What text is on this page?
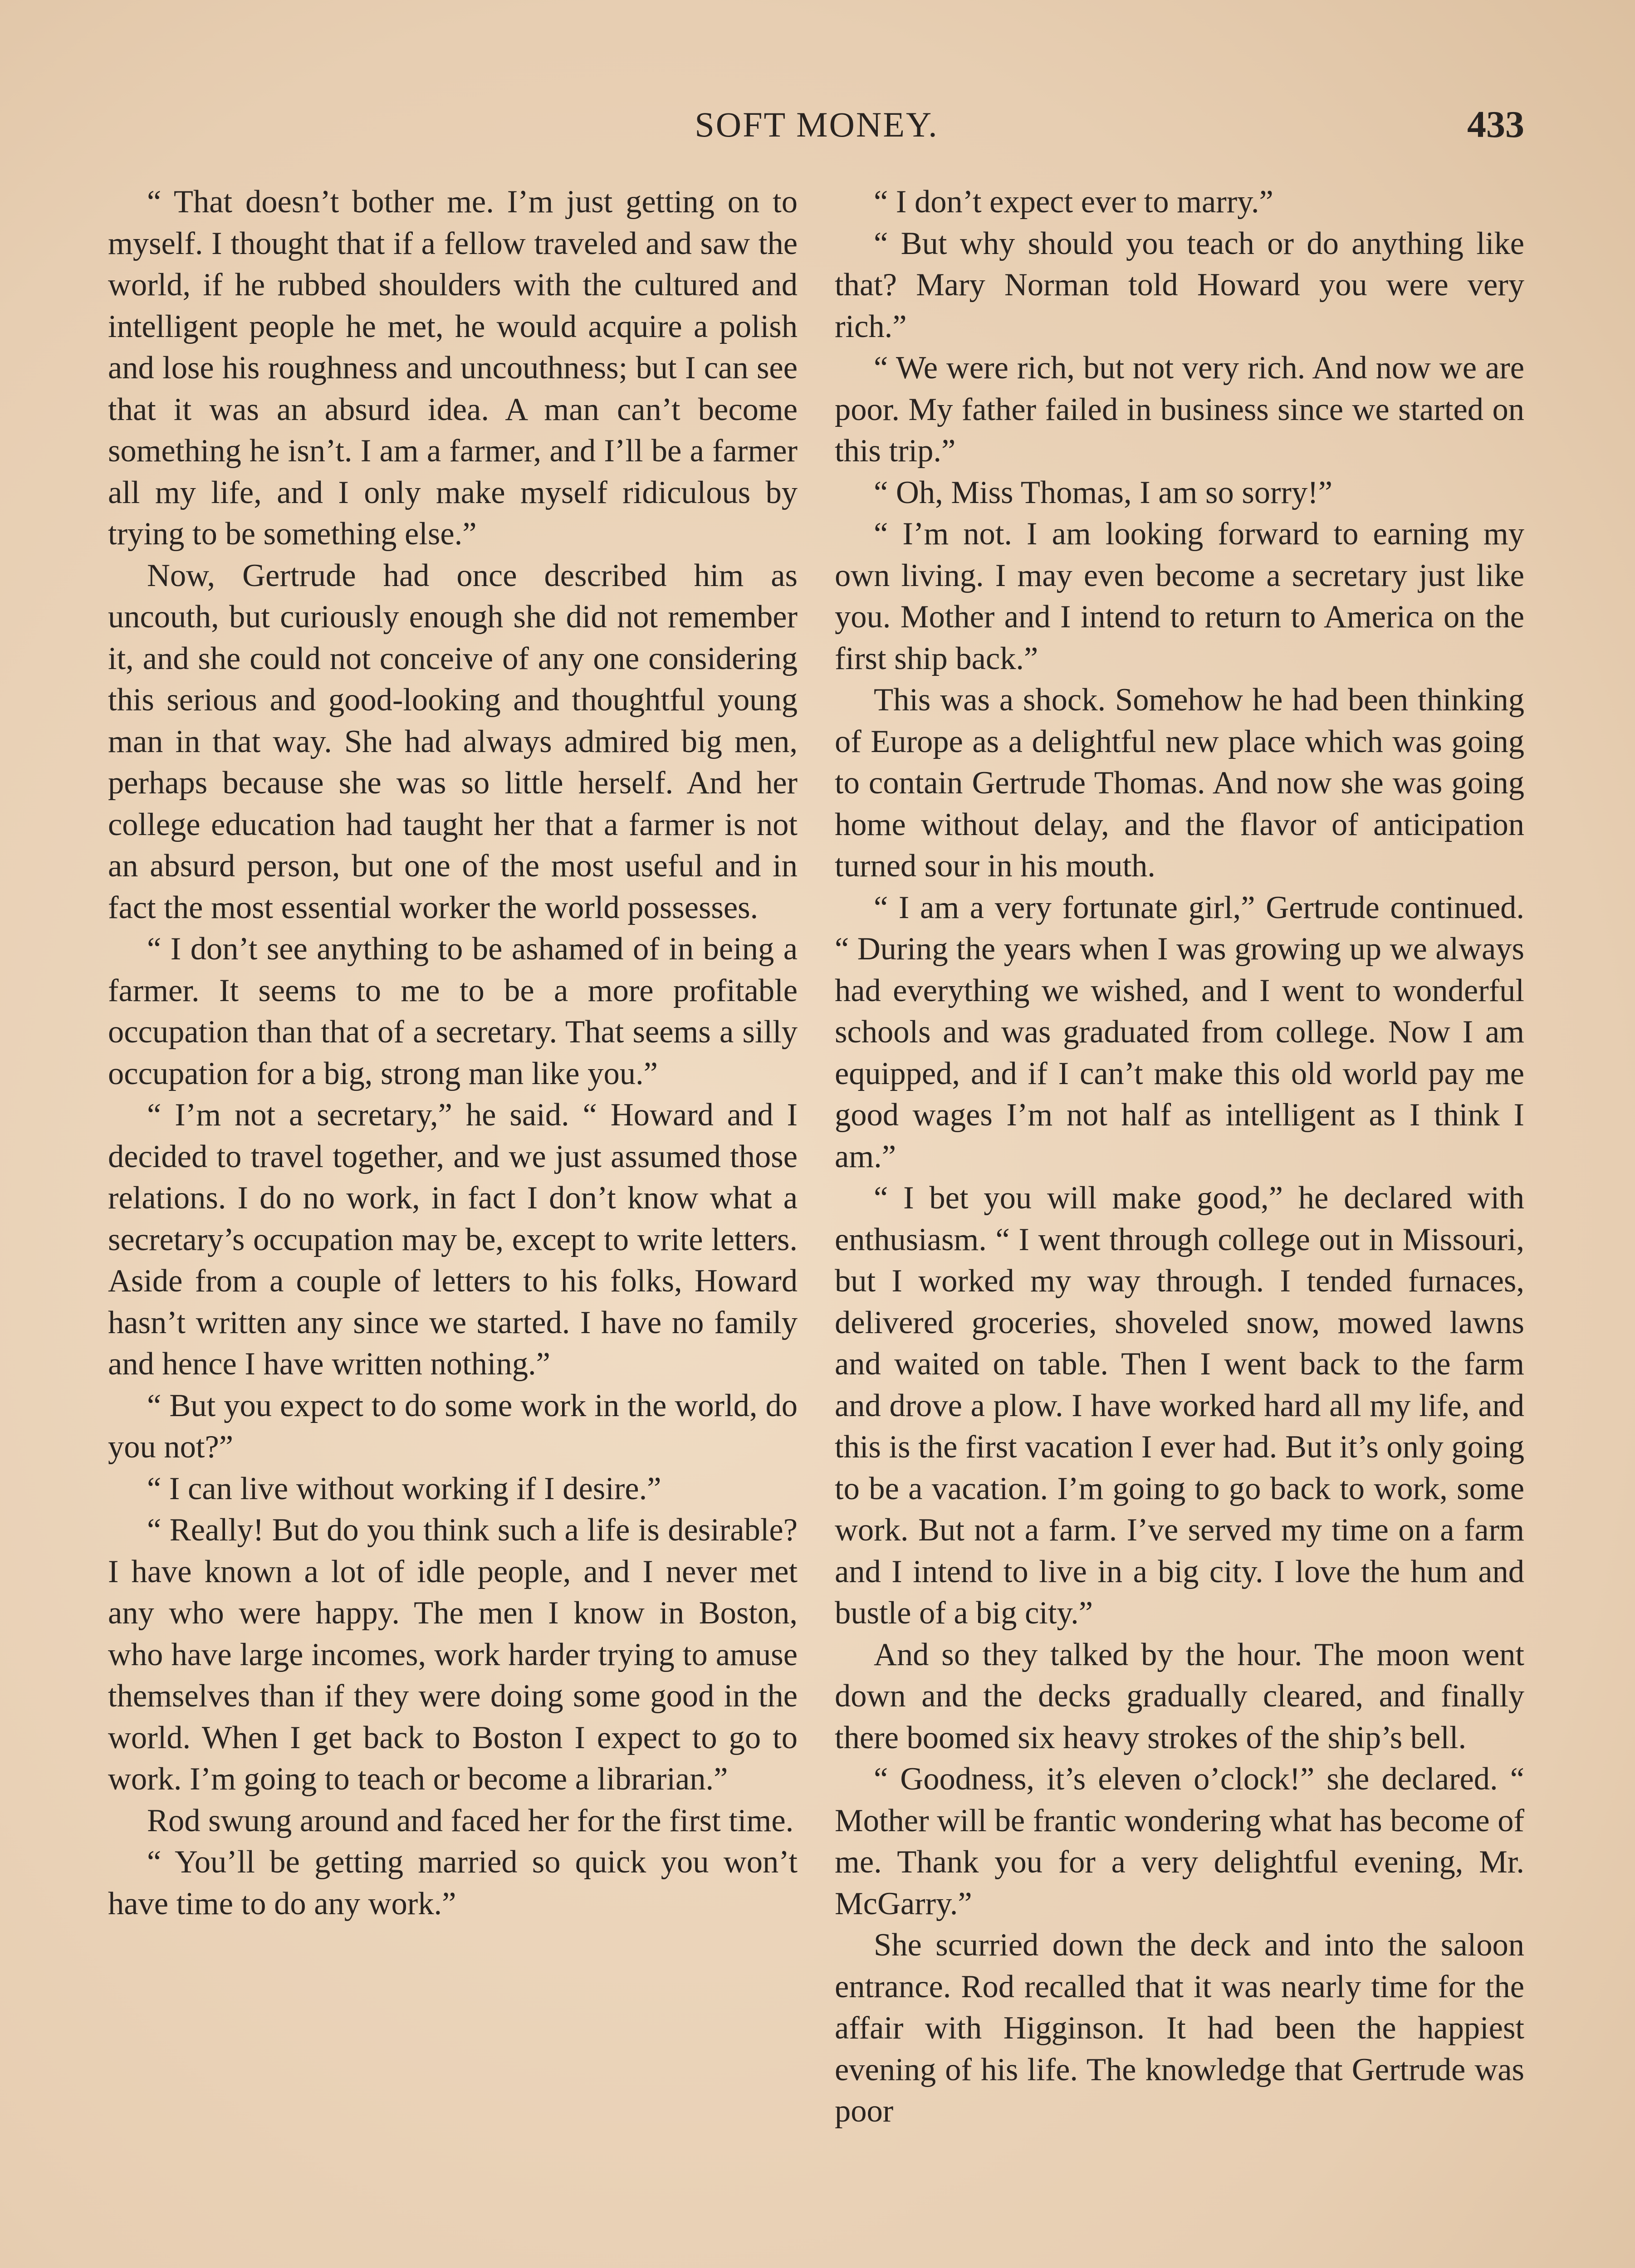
SOFT MONEY.	433

“ That doesn’t bother me. I’m just getting on to myself. I thought that if a fellow traveled and saw the world, if he rubbed shoulders with the cultured and intelligent people he met, he would acquire a polish and lose his roughness and uncouthness; but I can see that it was an absurd idea. A man can’t become something he isn’t. I am a farmer, and I’ll be a farmer all my life, and I only make myself ridiculous by trying to be something else.”

Now, Gertrude had once described him as uncouth, but curiously enough she did not remember it, and she could not conceive of any one considering this serious and good-looking and thoughtful young man in that way. She had always admired big men, perhaps because she was so little herself. And her college education had taught her that a farmer is not an absurd person, but one of the most useful and in fact the most essential worker the world possesses.

“ I don’t see anything to be ashamed of in being a farmer. It seems to me to be a more profitable occupation than that of a secretary. That seems a silly occupation for a big, strong man like you.”

“ I’m not a secretary,” he said. “ Howard and I decided to travel together, and we just assumed those relations. I do no work, in fact I don’t know what a secretary’s occupation may be, except to write letters. Aside from a couple of letters to his folks, Howard hasn’t written any since we started. I have no family and hence I have written nothing.”

“ But you expect to do some work in the world, do you not?”

“ I can live without working if I desire.”

“ Really! But do you think such a life is desirable? I have known a lot of idle people, and I never met any who were happy. The men I know in Boston, who have large incomes, work harder trying to amuse themselves than if they were doing some good in the world. When I get back to Boston I expect to go to work. I’m going to teach or become a librarian.”

Rod swung around and faced her for the first time.

“ You’ll be getting married so quick you won’t have time to do any work.”

“ I don’t expect ever to marry.”

“ But why should you teach or do anything like that? Mary Norman told Howard you were very rich.”

“ We were rich, but not very rich. And now we are poor. My father failed in business since we started on this trip.”

“ Oh, Miss Thomas, I am so sorry!”

“ I’m not. I am looking forward to earning my own living. I may even become a secretary just like you. Mother and I intend to return to America on the first ship back.”

This was a shock. Somehow he had been thinking of Europe as a delightful new place which was going to contain Gertrude Thomas. And now she was going home without delay, and the flavor of anticipation turned sour in his mouth.

“ I am a very fortunate girl,” Gertrude continued. “ During the years when I was growing up we always had everything we wished, and I went to wonderful schools and was graduated from college. Now I am equipped, and if I can’t make this old world pay me good wages I’m not half as intelligent as I think I am.”

“ I bet you will make good,” he declared with enthusiasm. “ I went through college out in Missouri, but I worked my way through. I tended furnaces, delivered groceries, shoveled snow, mowed lawns and waited on table. Then I went back to the farm and drove a plow. I have worked hard all my life, and this is the first vacation I ever had. But it’s only going to be a vacation. I’m going to go back to work, some work. But not a farm. I’ve served my time on a farm and I intend to live in a big city. I love the hum and bustle of a big city.”

And so they talked by the hour. The moon went down and the decks gradually cleared, and finally there boomed six heavy strokes of the ship’s bell.

“ Goodness, it’s eleven o’clock!” she declared. “ Mother will be frantic wondering what has become of me. Thank you for a very delightful evening, Mr. McGarry.”

She scurried down the deck and into the saloon entrance. Rod recalled that it was nearly time for the affair with Higginson. It had been the happiest evening of his life. The knowledge that Gertrude was poor
